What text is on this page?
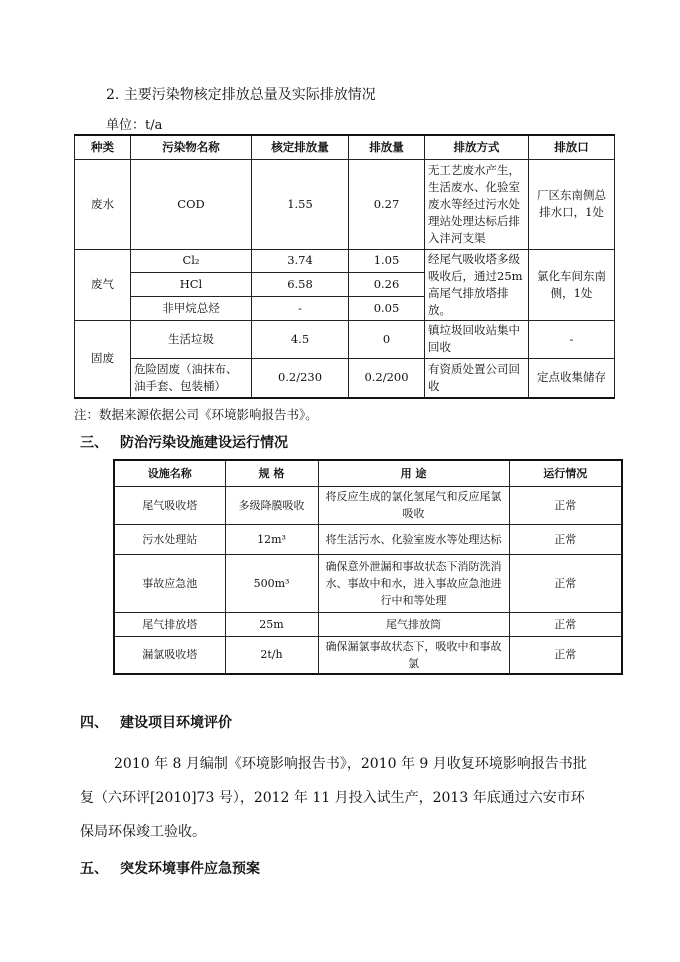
2. 主要污染物核定排放总量及实际排放情况
单位：t/a
种类	污染物名称	核定排放量	排放量	排放方式	排放口
废水	COD	1.55	0.27	无工艺废水产生，生活废水、化验室废水等经过污水处理站处理达标后排入沣河支渠	厂区东南侧总排水口，1处
废气	Cl₂	3.74	1.05	经尾气吸收塔多级吸收后，通过25m高尾气排放塔排放。	氯化车间东南侧，1处
	HCl	6.58	0.26		
	非甲烷总烃	-	0.05		
固废	生活垃圾	4.5	0	镇垃圾回收站集中回收	-
	危险固废（油抹布、油手套、包装桶）	0.2/230	0.2/200	有资质处置公司回收	定点收集储存
注：数据来源依据公司《环境影响报告书》。
三、 防治污染设施建设运行情况
设施名称	规 格	用 途	运行情况
尾气吸收塔	多级降膜吸收	将反应生成的氯化氢尾气和反应尾氯吸收	正常
污水处理站	12m³	将生活污水、化验室废水等处理达标	正常
事故应急池	500m³	确保意外泄漏和事故状态下消防洗消水、事故中和水，进入事故应急池进行中和等处理	正常
尾气排放塔	25m	尾气排放筒	正常
漏氯吸收塔	2t/h	确保漏氯事故状态下，吸收中和事故氯	正常
四、 建设项目环境评价
2010 年 8 月编制《环境影响报告书》，2010 年 9 月收复环境影响报告书批
复（六环评[2010]73 号），2012 年 11 月投入试生产，2013 年底通过六安市环
保局环保竣工验收。
五、 突发环境事件应急预案
